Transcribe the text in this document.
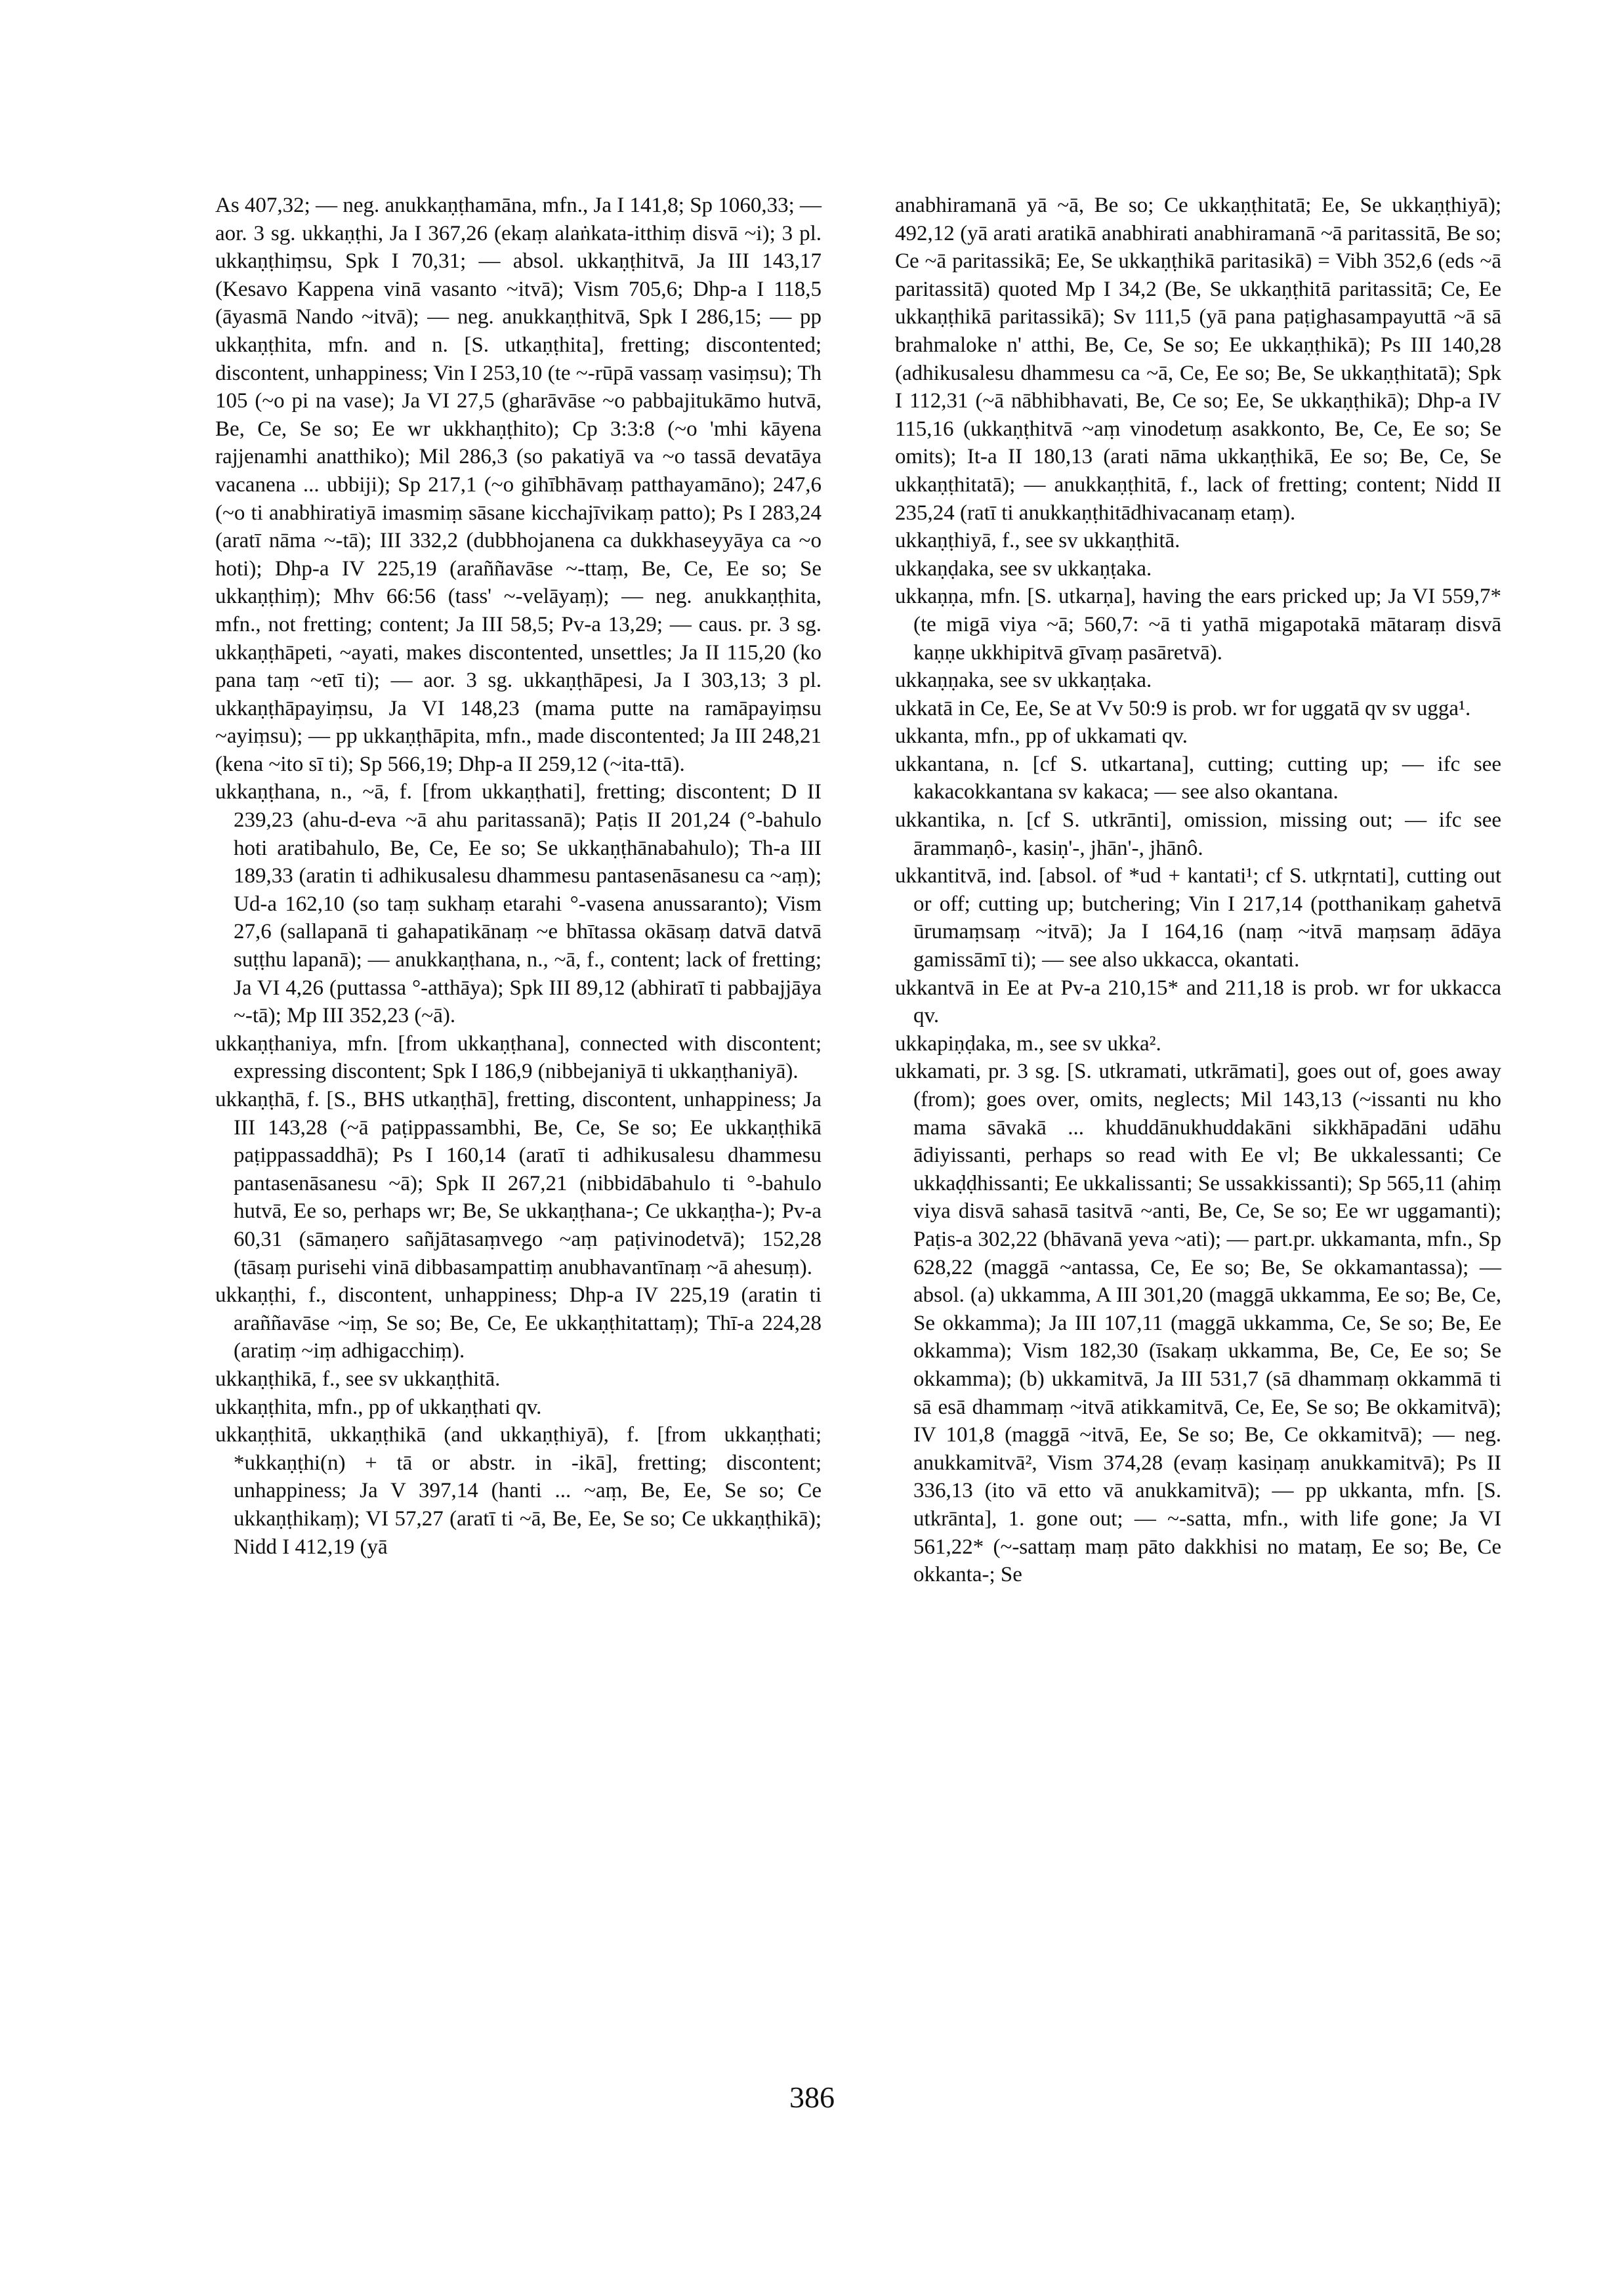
As 407,32; — neg. anukkaṇṭhamāna, mfn., Ja I 141,8; Sp 1060,33; — aor. 3 sg. ukkaṇṭhi, Ja I 367,26 (ekaṃ alaṅkata-itthiṃ disvā ~i); 3 pl. ukkaṇṭhiṃsu, Spk I 70,31; — absol. ukkaṇṭhitvā, Ja III 143,17 (Kesavo Kappena vinā vasanto ~itvā); Vism 705,6; Dhp-a I 118,5 (āyasmā Nando ~itvā); — neg. anukkaṇṭhitvā, Spk I 286,15; — pp ukkaṇṭhita, mfn. and n. [S. utkaṇṭhita], fretting; discontented; discontent, unhappiness; Vin I 253,10 (te ~-rūpā vassaṃ vasiṃsu); Th 105 (~o pi na vase); Ja VI 27,5 (gharāvāse ~o pabbajitukāmo hutvā, Be, Ce, Se so; Ee wr ukkhaṇṭhito); Cp 3:3:8 (~o 'mhi kāyena rajjenamhi anatthiko); Mil 286,3 (so pakatiyā va ~o tassā devatāya vacanena ... ubbiji); Sp 217,1 (~o gihībhāvaṃ patthayamāno); 247,6 (~o ti anabhiratiyā imasmiṃ sāsane kicchajīvikaṃ patto); Ps I 283,24 (aratī nāma ~-tā); III 332,2 (dubbhojanena ca dukkhaseyyāya ca ~o hoti); Dhp-a IV 225,19 (araññavāse ~-ttaṃ, Be, Ce, Ee so; Se ukkaṇṭhiṃ); Mhv 66:56 (tass' ~-velāyaṃ); — neg. anukkaṇṭhita, mfn., not fretting; content; Ja III 58,5; Pv-a 13,29; — caus. pr. 3 sg. ukkaṇṭhāpeti, ~ayati, makes discontented, unsettles; Ja II 115,20 (ko pana taṃ ~etī ti); — aor. 3 sg. ukkaṇṭhāpesi, Ja I 303,13; 3 pl. ukkaṇṭhāpayiṃsu, Ja VI 148,23 (mama putte na ramāpayiṃsu ~ayiṃsu); — pp ukkaṇṭhāpita, mfn., made discontented; Ja III 248,21 (kena ~ito sī ti); Sp 566,19; Dhp-a II 259,12 (~ita-ttā).

ukkaṇṭhana, n., ~ā, f. [from ukkaṇṭhati], fretting; discontent; D II 239,23 (ahu-d-eva ~ā ahu paritassanā); Paṭis II 201,24 (°-bahulo hoti aratibahulo, Be, Ce, Ee so; Se ukkaṇṭhānabahulo); Th-a III 189,33 (aratin ti adhikusalesu dhammesu pantasenāsanesu ca ~aṃ); Ud-a 162,10 (so taṃ sukhaṃ etarahi °-vasena anussaranto); Vism 27,6 (sallapanā ti gahapatikānaṃ ~e bhītassa okāsaṃ datvā datvā suṭṭhu lapanā); — anukkaṇṭhana, n., ~ā, f., content; lack of fretting; Ja VI 4,26 (puttassa °-atthāya); Spk III 89,12 (abhiratī ti pabbajjāya ~-tā); Mp III 352,23 (~ā).

ukkaṇṭhaniya, mfn. [from ukkaṇṭhana], connected with discontent; expressing discontent; Spk I 186,9 (nibbejaniyā ti ukkaṇṭhaniyā).

ukkaṇṭhā, f. [S., BHS utkaṇṭhā], fretting, discontent, unhappiness; Ja III 143,28 (~ā paṭippassambhi, Be, Ce, Se so; Ee ukkaṇṭhikā paṭippassaddhā); Ps I 160,14 (aratī ti adhikusalesu dhammesu pantasenāsanesu ~ā); Spk II 267,21 (nibbidābahulo ti °-bahulo hutvā, Ee so, perhaps wr; Be, Se ukkaṇṭhana-; Ce ukkaṇṭha-); Pv-a 60,31 (sāmaṇero sañjātasaṃvego ~aṃ paṭivinodetvā); 152,28 (tāsaṃ purisehi vinā dibbasampattiṃ anubhavantīnaṃ ~ā ahesuṃ).

ukkaṇṭhi, f., discontent, unhappiness; Dhp-a IV 225,19 (aratin ti araññavāse ~iṃ, Se so; Be, Ce, Ee ukkaṇṭhitattaṃ); Thī-a 224,28 (aratiṃ ~iṃ adhigacchiṃ).

ukkaṇṭhikā, f., see sv ukkaṇṭhitā.

ukkaṇṭhita, mfn., pp of ukkaṇṭhati qv.

ukkaṇṭhitā, ukkaṇṭhikā (and ukkaṇṭhiyā), f. [from ukkaṇṭhati; *ukkaṇṭhi(n) + tā or abstr. in -ikā], fretting; discontent; unhappiness; Ja V 397,14 (hanti ... ~aṃ, Be, Ee, Se so; Ce ukkaṇṭhikaṃ); VI 57,27 (aratī ti ~ā, Be, Ee, Se so; Ce ukkaṇṭhikā); Nidd I 412,19 (yā

anabhiramanā yā ~ā, Be so; Ce ukkaṇṭhitatā; Ee, Se ukkaṇṭhiyā); 492,12 (yā arati aratikā anabhirati anabhiramanā ~ā paritassitā, Be so; Ce ~ā paritassikā; Ee, Se ukkaṇṭhikā paritasikā) = Vibh 352,6 (eds ~ā paritassitā) quoted Mp I 34,2 (Be, Se ukkaṇṭhitā paritassitā; Ce, Ee ukkaṇṭhikā paritassikā); Sv 111,5 (yā pana paṭighasampayuttā ~ā sā brahmaloke n' atthi, Be, Ce, Se so; Ee ukkaṇṭhikā); Ps III 140,28 (adhikusalesu dhammesu ca ~ā, Ce, Ee so; Be, Se ukkaṇṭhitatā); Spk I 112,31 (~ā nābhibhavati, Be, Ce so; Ee, Se ukkaṇṭhikā); Dhp-a IV 115,16 (ukkaṇṭhitvā ~aṃ vinodetuṃ asakkonto, Be, Ce, Ee so; Se omits); It-a II 180,13 (arati nāma ukkaṇṭhikā, Ee so; Be, Ce, Se ukkaṇṭhitatā); — anukkaṇṭhitā, f., lack of fretting; content; Nidd II 235,24 (ratī ti anukkaṇṭhitādhivacanaṃ etaṃ).

ukkaṇṭhiyā, f., see sv ukkaṇṭhitā.

ukkaṇḍaka, see sv ukkaṇṭaka.

ukkaṇṇa, mfn. [S. utkarṇa], having the ears pricked up; Ja VI 559,7* (te migā viya ~ā; 560,7: ~ā ti yathā migapotakā mātaraṃ disvā kaṇṇe ukkhipitvā gīvaṃ pasāretvā).

ukkaṇṇaka, see sv ukkaṇṭaka.

ukkatā in Ce, Ee, Se at Vv 50:9 is prob. wr for uggatā qv sv ugga¹.

ukkanta, mfn., pp of ukkamati qv.

ukkantana, n. [cf S. utkartana], cutting; cutting up; — ifc see kakacokkantana sv kakaca; — see also okantana.

ukkantika, n. [cf S. utkrānti], omission, missing out; — ifc see ārammaṇô-, kasiṇ'-, jhān'-, jhānô.

ukkantitvā, ind. [absol. of *ud + kantati¹; cf S. utkṛntati], cutting out or off; cutting up; butchering; Vin I 217,14 (potthanikaṃ gahetvā ūrumaṃsaṃ ~itvā); Ja I 164,16 (naṃ ~itvā maṃsaṃ ādāya gamissāmī ti); — see also ukkacca, okantati.

ukkantvā in Ee at Pv-a 210,15* and 211,18 is prob. wr for ukkacca qv.

ukkapiṇḍaka, m., see sv ukka².

ukkamati, pr. 3 sg. [S. utkramati, utkrāmati], goes out of, goes away (from); goes over, omits, neglects; Mil 143,13 (~issanti nu kho mama sāvakā ... khuddānukhuddakāni sikkhāpadāni udāhu ādiyissanti, perhaps so read with Ee vl; Be ukkalessanti; Ce ukkaḍḍhissanti; Ee ukkalissanti; Se ussakkissanti); Sp 565,11 (ahiṃ viya disvā sahasā tasitvā ~anti, Be, Ce, Se so; Ee wr uggamanti); Paṭis-a 302,22 (bhāvanā yeva ~ati); — part.pr. ukkamanta, mfn., Sp 628,22 (maggā ~antassa, Ce, Ee so; Be, Se okkamantassa); — absol. (a) ukkamma, A III 301,20 (maggā ukkamma, Ee so; Be, Ce, Se okkamma); Ja III 107,11 (maggā ukkamma, Ce, Se so; Be, Ee okkamma); Vism 182,30 (īsakaṃ ukkamma, Be, Ce, Ee so; Se okkamma); (b) ukkamitvā, Ja III 531,7 (sā dhammaṃ okkammā ti sā esā dhammaṃ ~itvā atikkamitvā, Ce, Ee, Se so; Be okkamitvā); IV 101,8 (maggā ~itvā, Ee, Se so; Be, Ce okkamitvā); — neg. anukkamitvā², Vism 374,28 (evaṃ kasiṇaṃ anukkamitvā); Ps II 336,13 (ito vā etto vā anukkamitvā); — pp ukkanta, mfn. [S. utkrānta], 1. gone out; — ~-satta, mfn., with life gone; Ja VI 561,22* (~-sattaṃ maṃ pāto dakkhisi no mataṃ, Ee so; Be, Ce okkanta-; Se

386
